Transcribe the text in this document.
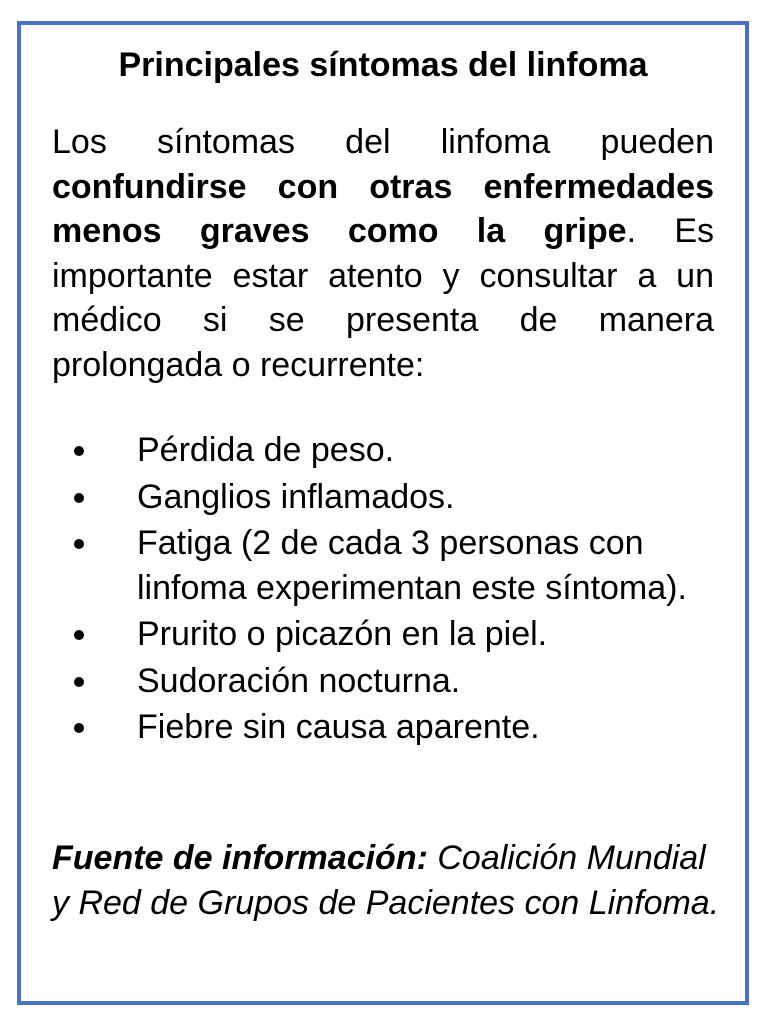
Principales síntomas del linfoma

Los síntomas del linfoma pueden confundirse con otras enfermedades menos graves como la gripe. Es importante estar atento y consultar a un médico si se presenta de manera prolongada o recurrente:

Pérdida de peso.
Ganglios inflamados.
Fatiga (2 de cada 3 personas con linfoma experimentan este síntoma).
Prurito o picazón en la piel.
Sudoración nocturna.
Fiebre sin causa aparente.

Fuente de información: Coalición Mundial y Red de Grupos de Pacientes con Linfoma.
